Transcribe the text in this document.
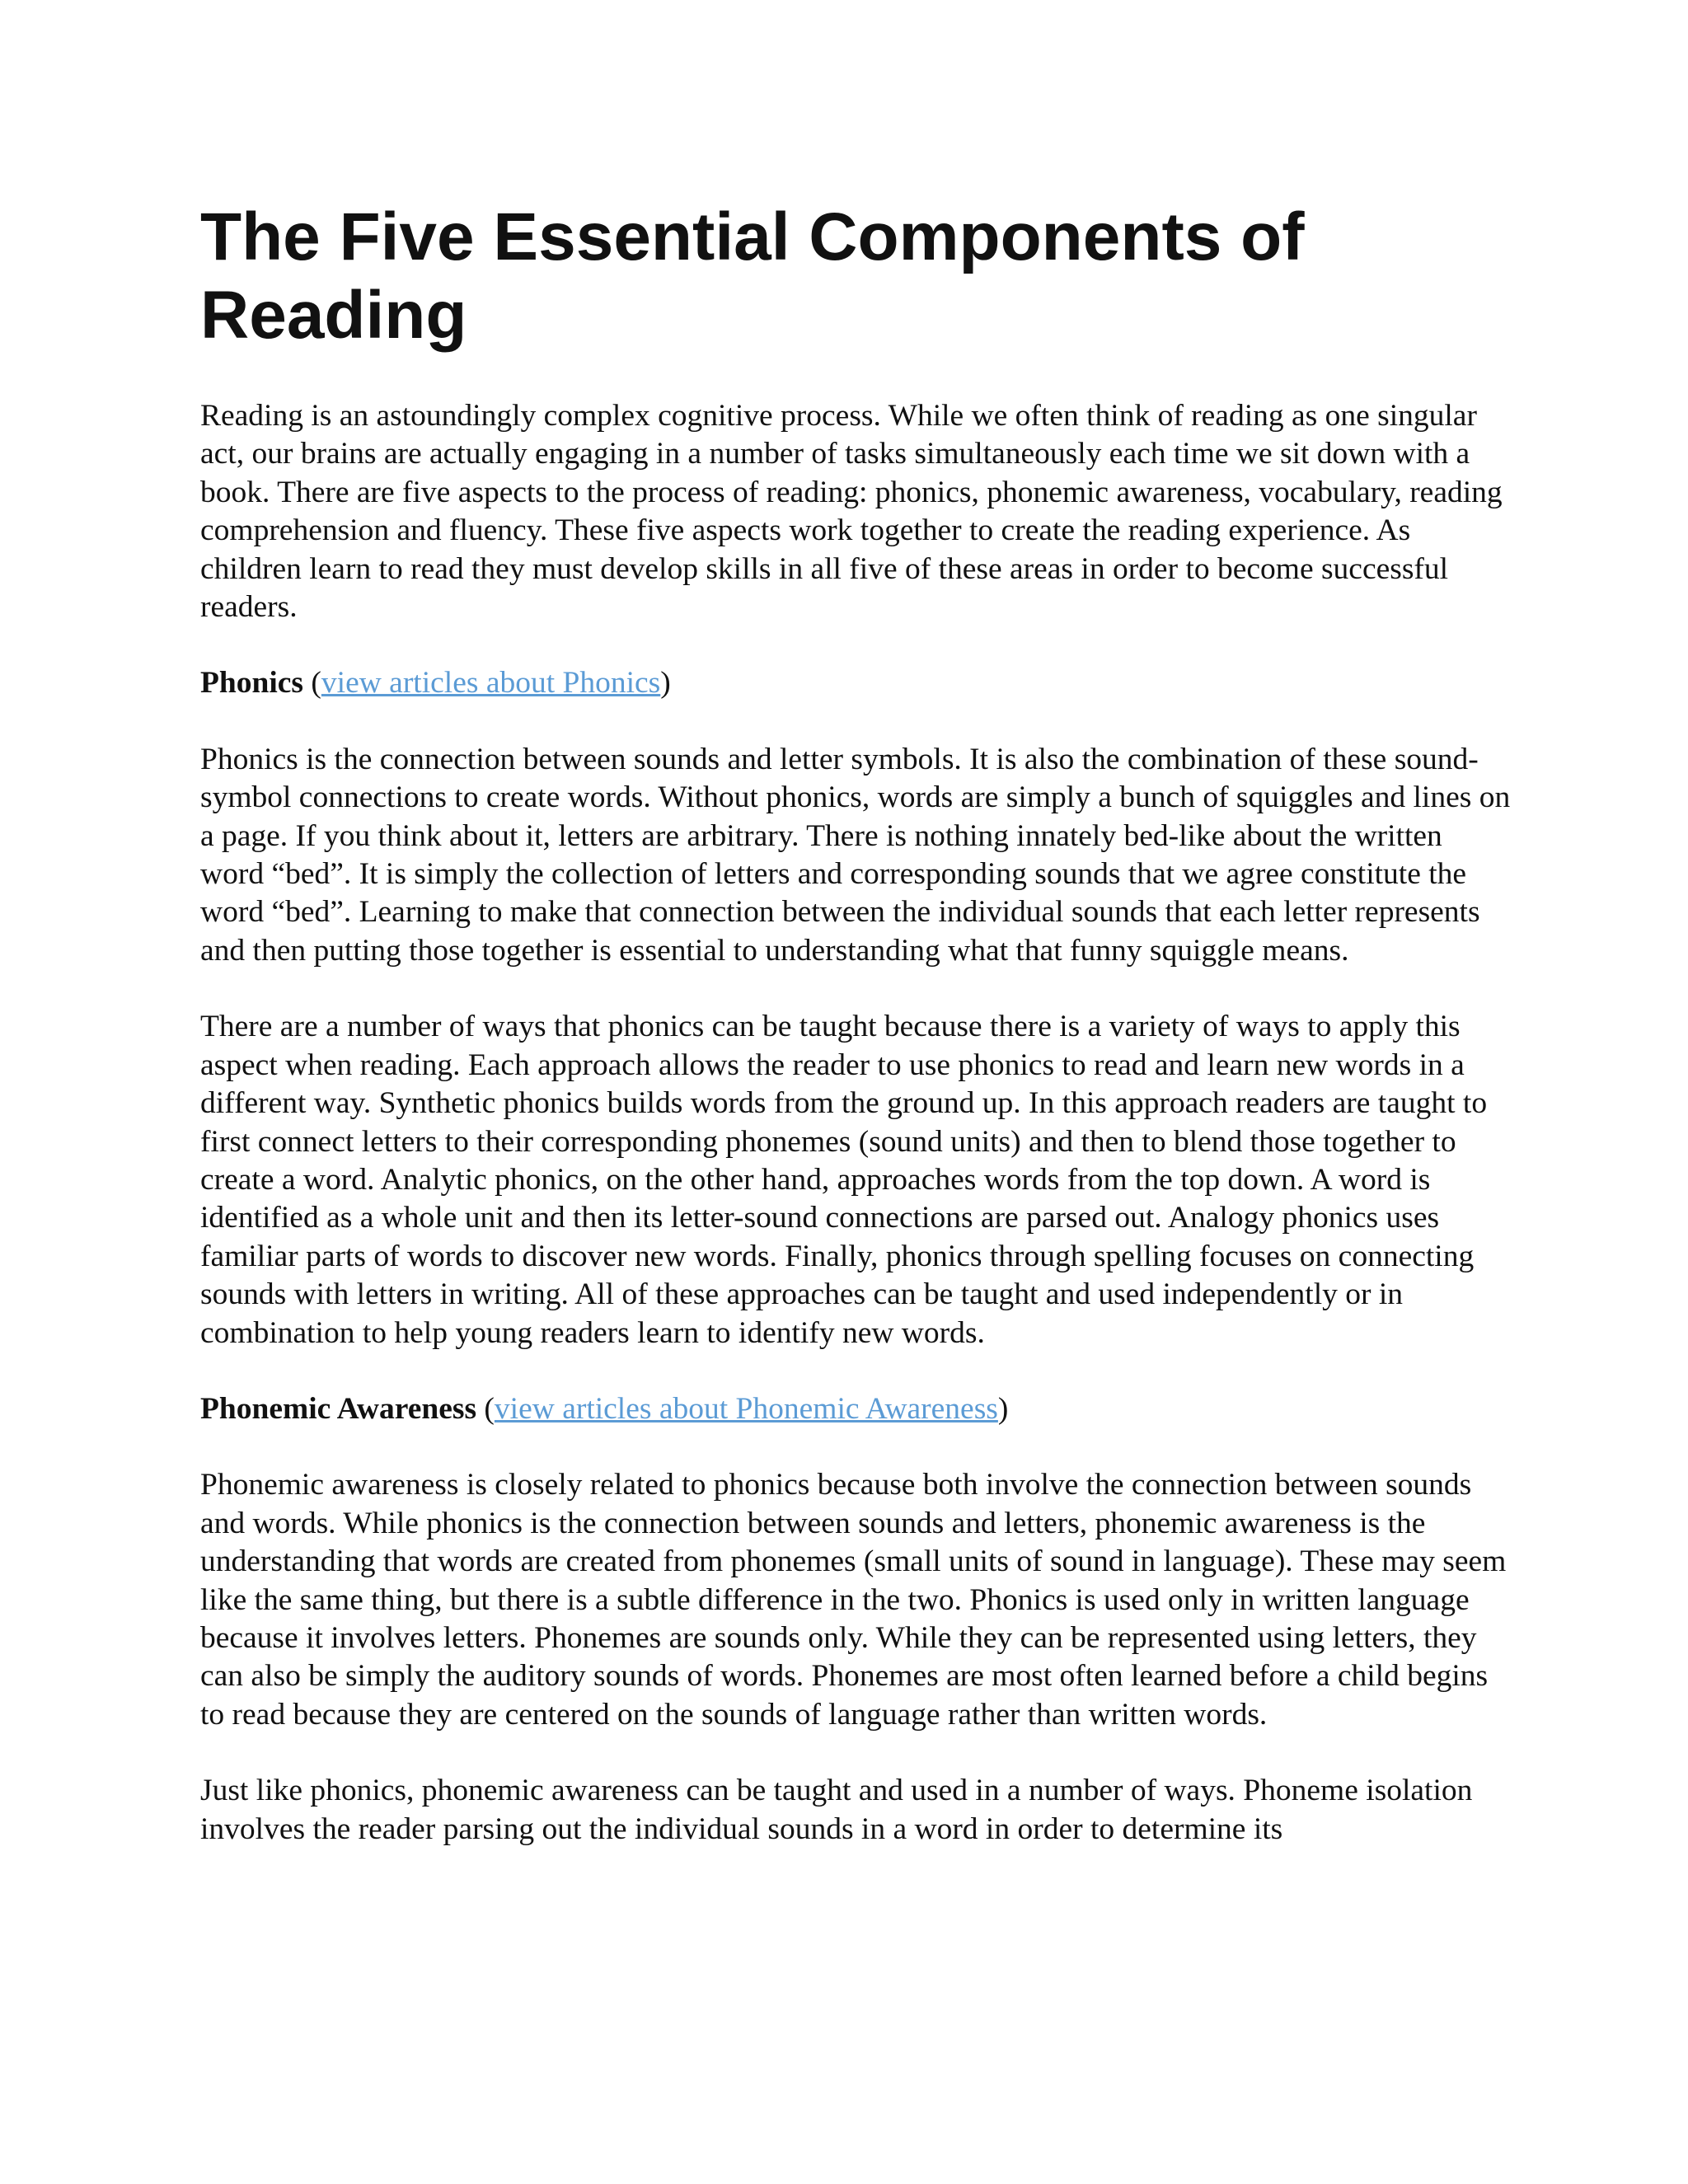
The Five Essential Components of Reading

Reading is an astoundingly complex cognitive process. While we often think of reading as one singular act, our brains are actually engaging in a number of tasks simultaneously each time we sit down with a book. There are five aspects to the process of reading: phonics, phonemic awareness, vocabulary, reading comprehension and fluency. These five aspects work together to create the reading experience. As children learn to read they must develop skills in all five of these areas in order to become successful readers.

Phonics (view articles about Phonics)

Phonics is the connection between sounds and letter symbols. It is also the combination of these sound-symbol connections to create words. Without phonics, words are simply a bunch of squiggles and lines on a page. If you think about it, letters are arbitrary. There is nothing innately bed-like about the written word “bed”. It is simply the collection of letters and corresponding sounds that we agree constitute the word “bed”. Learning to make that connection between the individual sounds that each letter represents and then putting those together is essential to understanding what that funny squiggle means.

There are a number of ways that phonics can be taught because there is a variety of ways to apply this aspect when reading. Each approach allows the reader to use phonics to read and learn new words in a different way. Synthetic phonics builds words from the ground up. In this approach readers are taught to first connect letters to their corresponding phonemes (sound units) and then to blend those together to create a word. Analytic phonics, on the other hand, approaches words from the top down. A word is identified as a whole unit and then its letter-sound connections are parsed out. Analogy phonics uses familiar parts of words to discover new words. Finally, phonics through spelling focuses on connecting sounds with letters in writing. All of these approaches can be taught and used independently or in combination to help young readers learn to identify new words.

Phonemic Awareness (view articles about Phonemic Awareness)

Phonemic awareness is closely related to phonics because both involve the connection between sounds and words. While phonics is the connection between sounds and letters, phonemic awareness is the understanding that words are created from phonemes (small units of sound in language). These may seem like the same thing, but there is a subtle difference in the two. Phonics is used only in written language because it involves letters. Phonemes are sounds only. While they can be represented using letters, they can also be simply the auditory sounds of words. Phonemes are most often learned before a child begins to read because they are centered on the sounds of language rather than written words.

Just like phonics, phonemic awareness can be taught and used in a number of ways. Phoneme isolation involves the reader parsing out the individual sounds in a word in order to determine its
